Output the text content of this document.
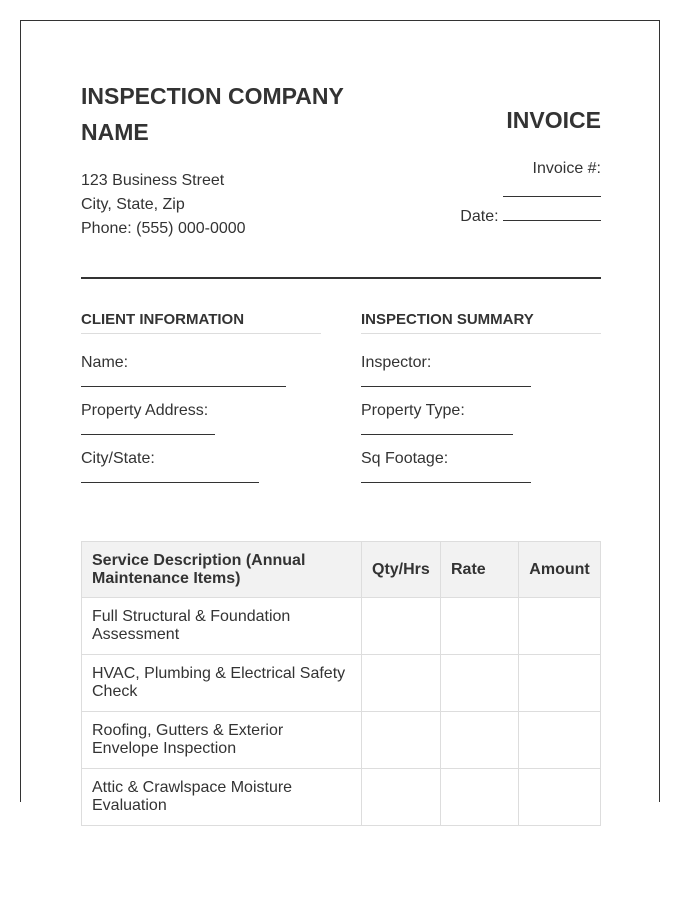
INSPECTION COMPANY NAME
123 Business Street
City, State, Zip
Phone: (555) 000-0000
INVOICE
Invoice #:
Date:
CLIENT INFORMATION
Name:
Property Address:
City/State:
INSPECTION SUMMARY
Inspector:
Property Type:
Sq Footage:
Service Description (Annual Maintenance Items)	Qty/Hrs	Rate	Amount
Full Structural & Foundation Assessment			
HVAC, Plumbing & Electrical Safety Check			
Roofing, Gutters & Exterior Envelope Inspection			
Attic & Crawlspace Moisture Evaluation			
